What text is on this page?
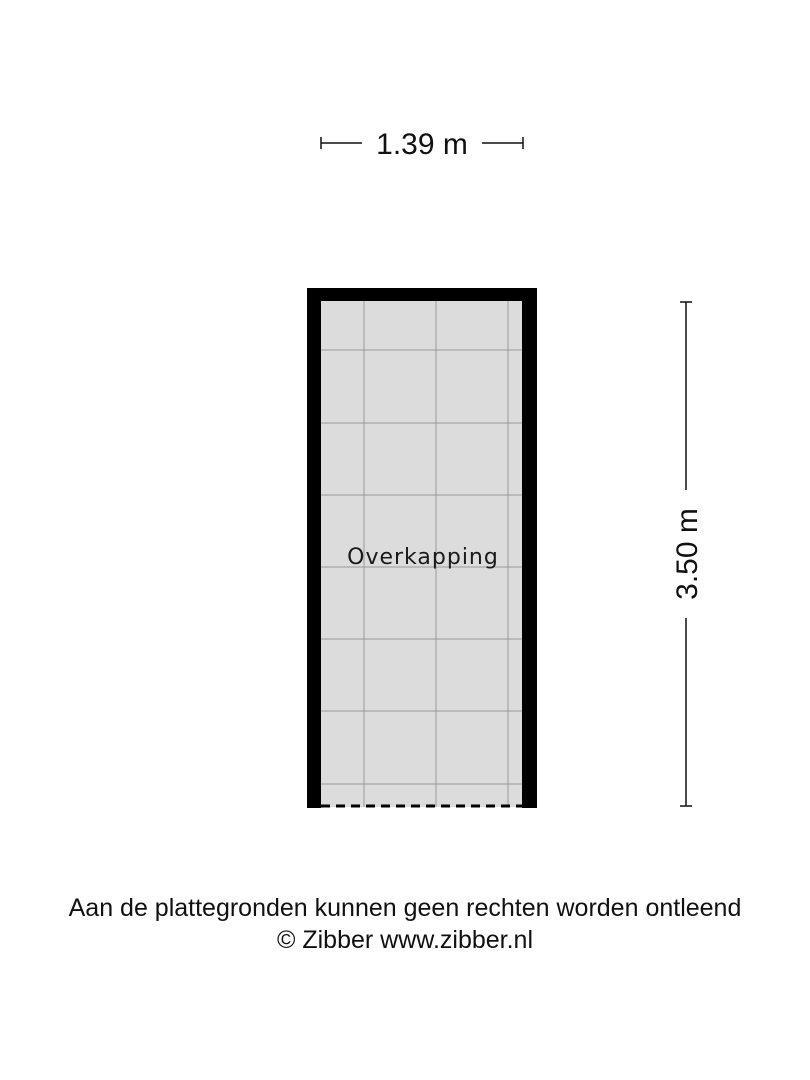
1.39 m
3.50 m
Overkapping
Aan de plattegronden kunnen geen rechten worden ontleend
© Zibber www.zibber.nl
